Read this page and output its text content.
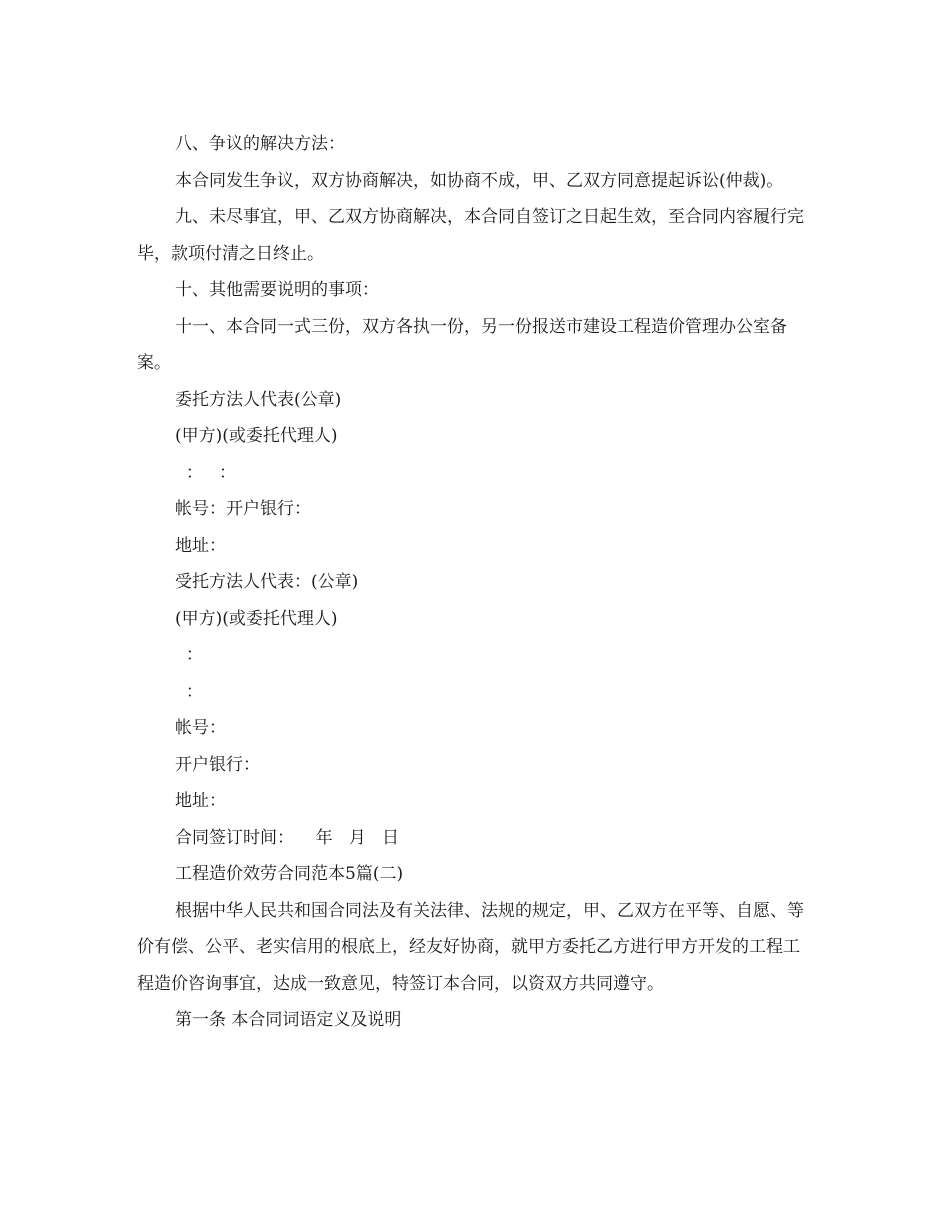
八、争议的解决方法：

本合同发生争议，双方协商解决，如协商不成，甲、乙双方同意提起诉讼(仲裁)。

九、未尽事宜，甲、乙双方协商解决，本合同自签订之日起生效，至合同内容履行完毕，款项付清之日终止。

十、其他需要说明的事项：

十一、本合同一式三份，双方各执一份，另一份报送市建设工程造价管理办公室备案。

委托方法人代表(公章)

(甲方)(或委托代理人)

：   ：

帐号：开户银行：

地址：

受托方法人代表：(公章)

(甲方)(或委托代理人)

：

：

帐号：

开户银行：

地址：

合同签订时间：    年   月   日

工程造价效劳合同范本5篇(二)

根据中华人民共和国合同法及有关法律、法规的规定，甲、乙双方在平等、自愿、等价有偿、公平、老实信用的根底上，经友好协商，就甲方委托乙方进行甲方开发的工程工程造价咨询事宜，达成一致意见，特签订本合同，以资双方共同遵守。

第一条 本合同词语定义及说明
